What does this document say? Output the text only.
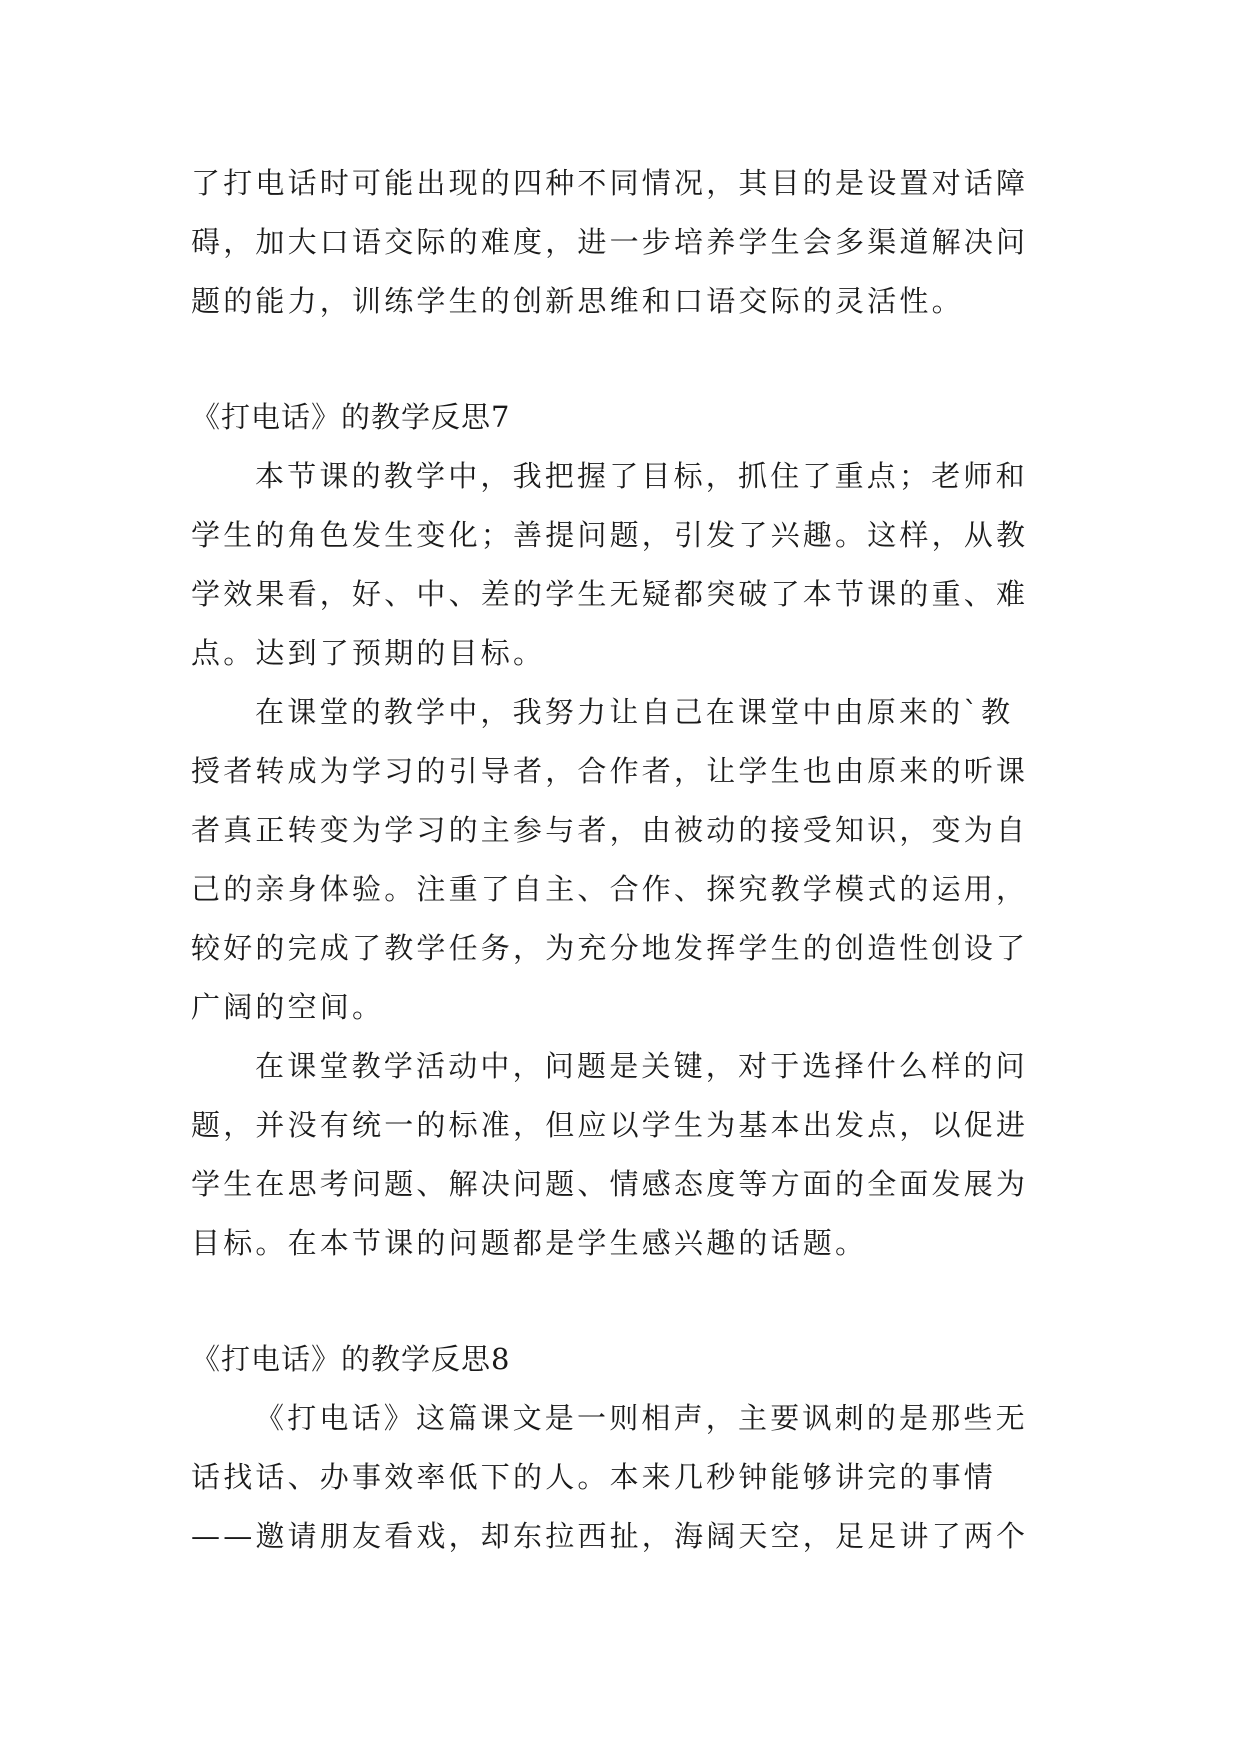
了打电话时可能出现的四种不同情况，其目的是设置对话障

碍，加大口语交际的难度，进一步培养学生会多渠道解决问

题的能力，训练学生的创新思维和口语交际的灵活性。

《打电话》的教学反思7

本节课的教学中，我把握了目标，抓住了重点；老师和

学生的角色发生变化；善提问题，引发了兴趣。这样，从教

学效果看，好、中、差的学生无疑都突破了本节课的重、难

点。达到了预期的目标。

在课堂的教学中，我努力让自己在课堂中由原来的`教

授者转成为学习的引导者，合作者，让学生也由原来的听课

者真正转变为学习的主参与者，由被动的接受知识，变为自

己的亲身体验。注重了自主、合作、探究教学模式的运用，

较好的完成了教学任务，为充分地发挥学生的创造性创设了

广阔的空间。

在课堂教学活动中，问题是关键，对于选择什么样的问

题，并没有统一的标准，但应以学生为基本出发点，以促进

学生在思考问题、解决问题、情感态度等方面的全面发展为

目标。在本节课的问题都是学生感兴趣的话题。

《打电话》的教学反思8

《打电话》这篇课文是一则相声，主要讽刺的是那些无

话找话、办事效率低下的人。本来几秒钟能够讲完的事情

——邀请朋友看戏，却东拉西扯，海阔天空，足足讲了两个
